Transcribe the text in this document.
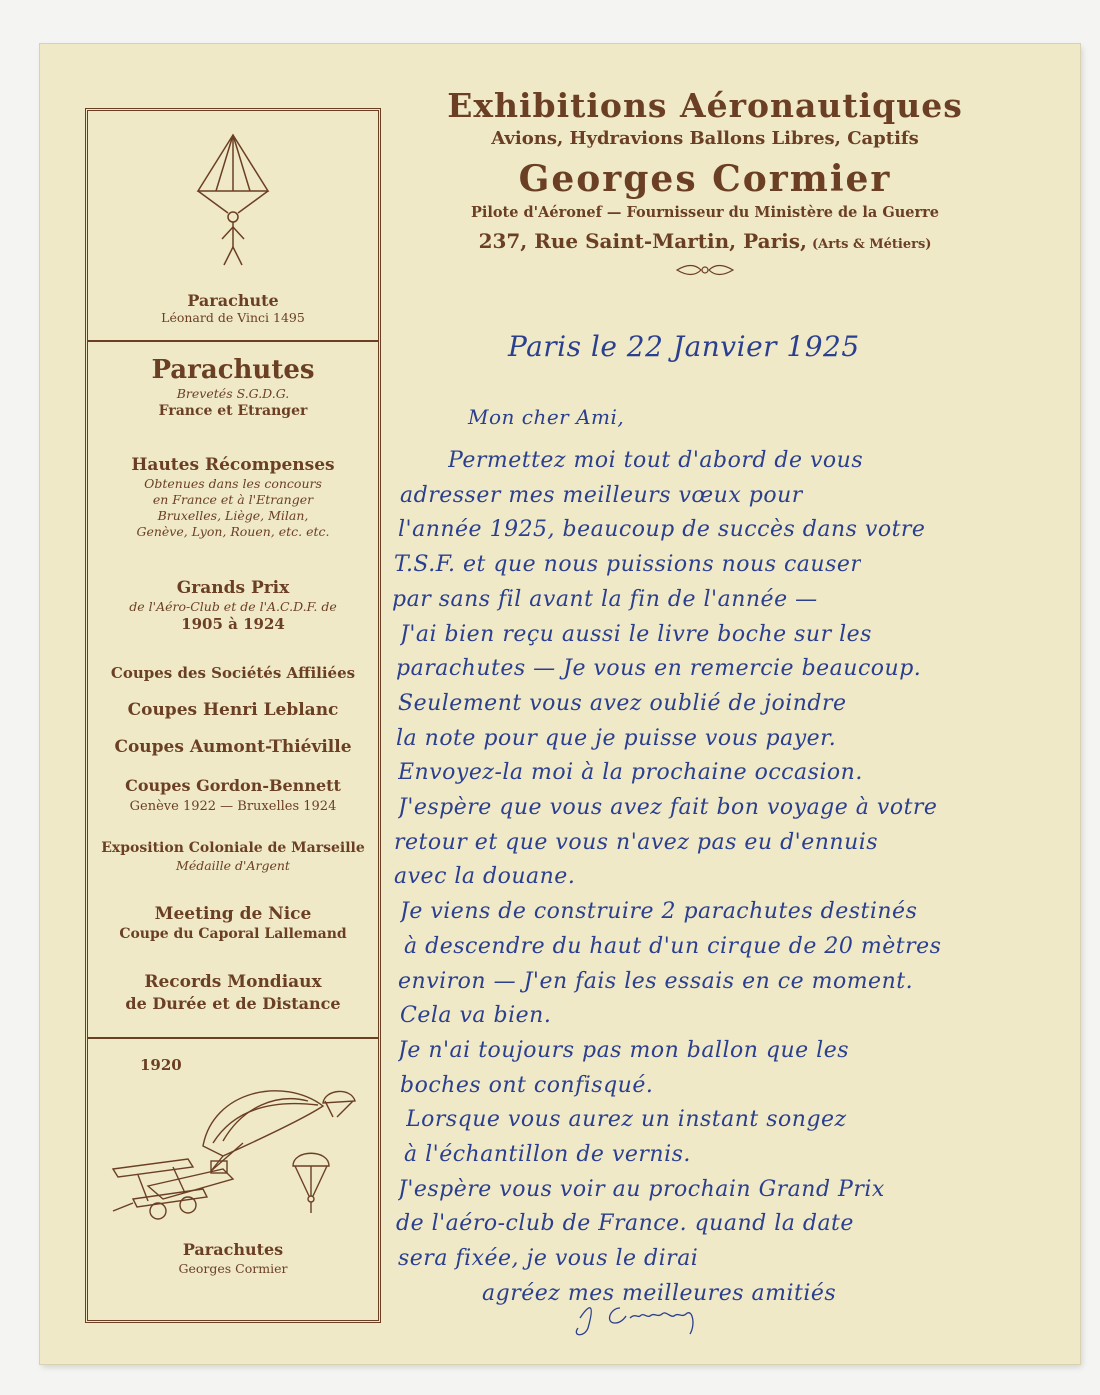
Parachute
Léonard de Vinci 1495
Parachutes
Brevetés S.G.D.G.
France et Etranger
Hautes Récompenses
Obtenues dans les concours
en France et à l'Etranger
Bruxelles, Liège, Milan,
Genève, Lyon, Rouen, etc. etc.
Grands Prix
de l'Aéro-Club et de l'A.C.D.F. de
1905 à 1924
Coupes des Sociétés Affiliées
Coupes Henri Leblanc
Coupes Aumont-Thiéville
Coupes Gordon-Bennett
Genève 1922 — Bruxelles 1924
Exposition Coloniale de Marseille
Médaille d'Argent
Meeting de Nice
Coupe du Caporal Lallemand
Records Mondiaux
de Durée et de Distance
1920
Parachutes
Georges Cormier
Exhibitions Aéronautiques
Avions, Hydravions Ballons Libres, Captifs
Georges Cormier
Pilote d'Aéronef — Fournisseur du Ministère de la Guerre
237, Rue Saint-Martin, Paris, (Arts & Métiers)
Paris le 22 Janvier 1925
Mon cher Ami,
Permettez moi tout d'abord de vous
adresser mes meilleurs vœux pour
l'année 1925, beaucoup de succès dans votre
T.S.F. et que nous puissions nous causer
par sans fil avant la fin de l'année —
J'ai bien reçu aussi le livre boche sur les
parachutes — Je vous en remercie beaucoup.
Seulement vous avez oublié de joindre
la note pour que je puisse vous payer.
Envoyez-la moi à la prochaine occasion.
J'espère que vous avez fait bon voyage à votre
retour et que vous n'avez pas eu d'ennuis
avec la douane.
Je viens de construire 2 parachutes destinés
à descendre du haut d'un cirque de 20 mètres
environ — J'en fais les essais en ce moment.
Cela va bien.
Je n'ai toujours pas mon ballon que les
boches ont confisqué.
Lorsque vous aurez un instant songez
à l'échantillon de vernis.
J'espère vous voir au prochain Grand Prix
de l'aéro-club de France. quand la date
sera fixée, je vous le dirai
agréez mes meilleures amitiés
